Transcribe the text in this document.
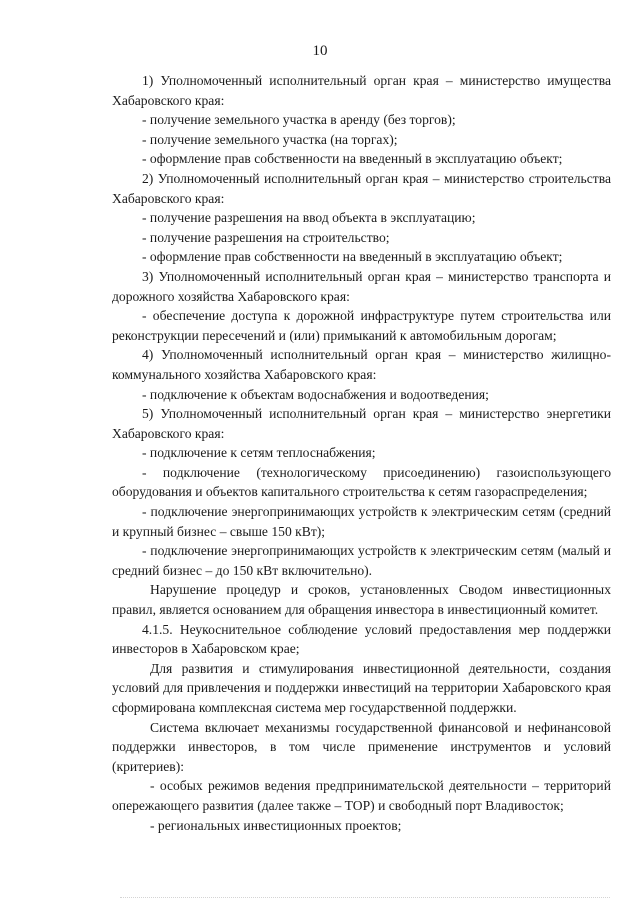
10

1) Уполномоченный исполнительный орган края – министерство имущества Хабаровского края:

- получение земельного участка в аренду (без торгов);

- получение земельного участка (на торгах);

- оформление прав собственности на введенный в эксплуатацию объект;

2) Уполномоченный исполнительный орган края – министерство строительства Хабаровского края:

- получение разрешения на ввод объекта в эксплуатацию;

- получение разрешения на строительство;

- оформление прав собственности на введенный в эксплуатацию объект;

3) Уполномоченный исполнительный орган края – министерство транспорта и дорожного хозяйства Хабаровского края:

- обеспечение доступа к дорожной инфраструктуре путем строительства или реконструкции пересечений и (или) примыканий к автомобильным дорогам;

4) Уполномоченный исполнительный орган края – министерство жилищно-коммунального хозяйства Хабаровского края:

- подключение к объектам водоснабжения и водоотведения;

5) Уполномоченный исполнительный орган края – министерство энергетики Хабаровского края:

- подключение к сетям теплоснабжения;

- подключение (технологическому присоединению) газоиспользующего оборудования и объектов капитального строительства к сетям газораспределения;

- подключение энергопринимающих устройств к электрическим сетям (средний и крупный бизнес – свыше 150 кВт);

- подключение энергопринимающих устройств к электрическим сетям (малый и средний бизнес – до 150 кВт включительно).

Нарушение процедур и сроков, установленных Сводом инвестиционных правил, является основанием для обращения инвестора в инвестиционный комитет.

4.1.5. Неукоснительное соблюдение условий предоставления мер поддержки инвесторов в Хабаровском крае;

Для развития и стимулирования инвестиционной деятельности, создания условий для привлечения и поддержки инвестиций на территории Хабаровского края сформирована комплексная система мер государственной поддержки.

Система включает механизмы государственной финансовой и нефинансовой поддержки инвесторов, в том числе применение инструментов и условий (критериев):

- особых режимов ведения предпринимательской деятельности – территорий опережающего развития (далее также – ТОР) и свободный порт Владивосток;

- региональных инвестиционных проектов;
